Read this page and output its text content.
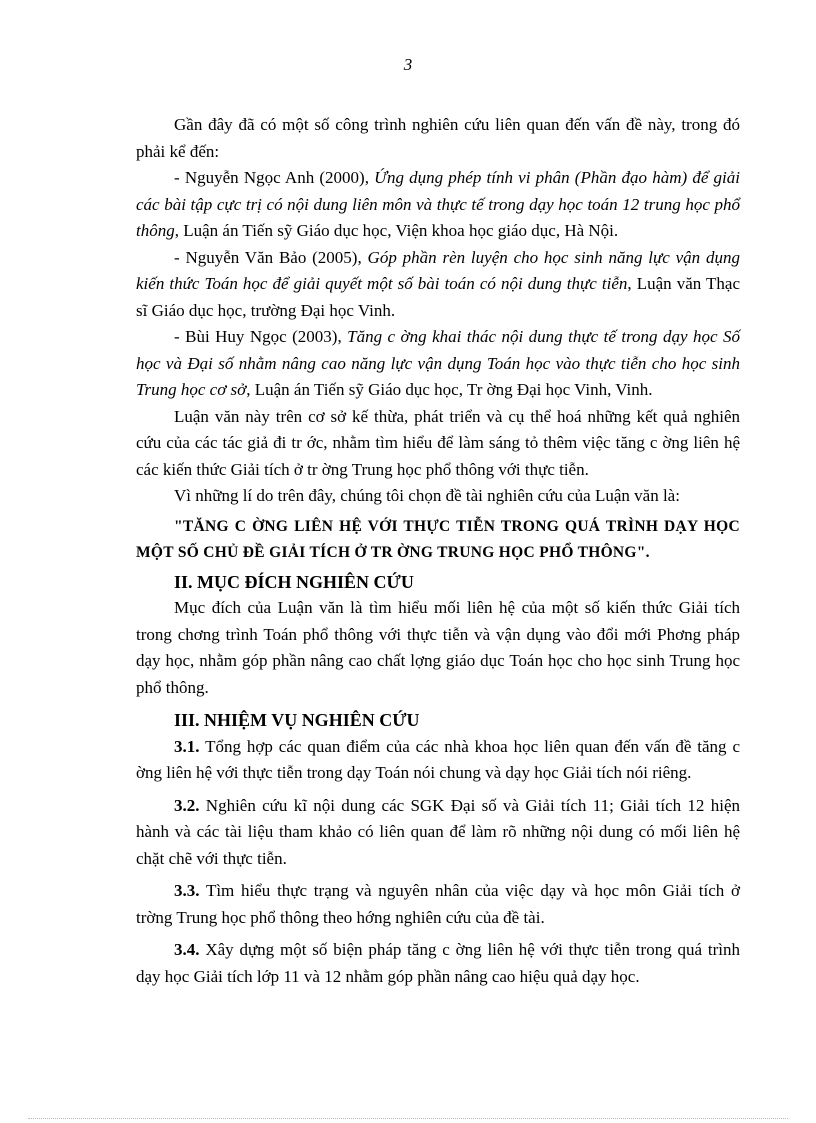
3

Gần đây đã có một số công trình nghiên cứu liên quan đến vấn đề này, trong đó phải kể đến:

- Nguyễn Ngọc Anh (2000), Ứng dụng phép tính vi phân (Phần đạo hàm) để giải các bài tập cực trị có nội dung liên môn và thực tế trong dạy học toán 12 trung học phổ thông, Luận án Tiến sỹ Giáo dục học, Viện khoa học giáo dục, Hà Nội.

- Nguyễn Văn Bảo (2005), Góp phần rèn luyện cho học sinh năng lực vận dụng kiến thức Toán học để giải quyết một số bài toán có nội dung thực tiễn, Luận văn Thạc sĩ Giáo dục học, trường Đại học Vinh.

- Bùi Huy Ngọc (2003), Tăng c ờng khai thác nội dung thực tế trong dạy học Số học và Đại số nhằm nâng cao năng lực vận dụng Toán học vào thực tiễn cho học sinh Trung học cơ sở, Luận án Tiến sỹ Giáo dục học, Tr ờng Đại học Vinh, Vinh.

Luận văn này trên cơ sở kế thừa, phát triển và cụ thể hoá những kết quả nghiên cứu của các tác giả đi tr ớc, nhằm tìm hiểu để làm sáng tỏ thêm việc tăng c ờng liên hệ các kiến thức Giải tích ở tr ờng Trung học phổ thông với thực tiễn.

Vì những lí do trên đây, chúng tôi chọn đề tài nghiên cứu của Luận văn là:

"TĂNG C ỜNG LIÊN HỆ VỚI THỰC TIỄN TRONG QUÁ TRÌNH DẠY HỌC MỘT SỐ CHỦ ĐỀ GIẢI TÍCH Ở TR ỜNG TRUNG HỌC PHỔ THÔNG".

II. MỤC ĐÍCH NGHIÊN CỨU

Mục đích của Luận văn là tìm hiểu mối liên hệ của một số kiến thức Giải tích trong chơng trình Toán phổ thông với thực tiễn và vận dụng vào đổi mới Phơng pháp dạy học, nhằm góp phần nâng cao chất lợng giáo dục Toán học cho học sinh Trung học phổ thông.

III. NHIỆM VỤ NGHIÊN CỨU

3.1. Tổng hợp các quan điểm của các nhà khoa học liên quan đến vấn đề tăng c ờng liên hệ với thực tiễn trong dạy Toán nói chung và dạy học Giải tích nói riêng.

3.2. Nghiên cứu kĩ nội dung các SGK Đại số và Giải tích 11; Giải tích 12 hiện hành và các tài liệu tham khảo có liên quan để làm rõ những nội dung có mối liên hệ chặt chẽ với thực tiễn.

3.3. Tìm hiểu thực trạng và nguyên nhân của việc dạy và học môn Giải tích ở trờng Trung học phổ thông theo hớng nghiên cứu của đề tài.

3.4. Xây dựng một số biện pháp tăng c ờng liên hệ với thực tiễn trong quá trình dạy học Giải tích lớp 11 và 12 nhằm góp phần nâng cao hiệu quả dạy học.
